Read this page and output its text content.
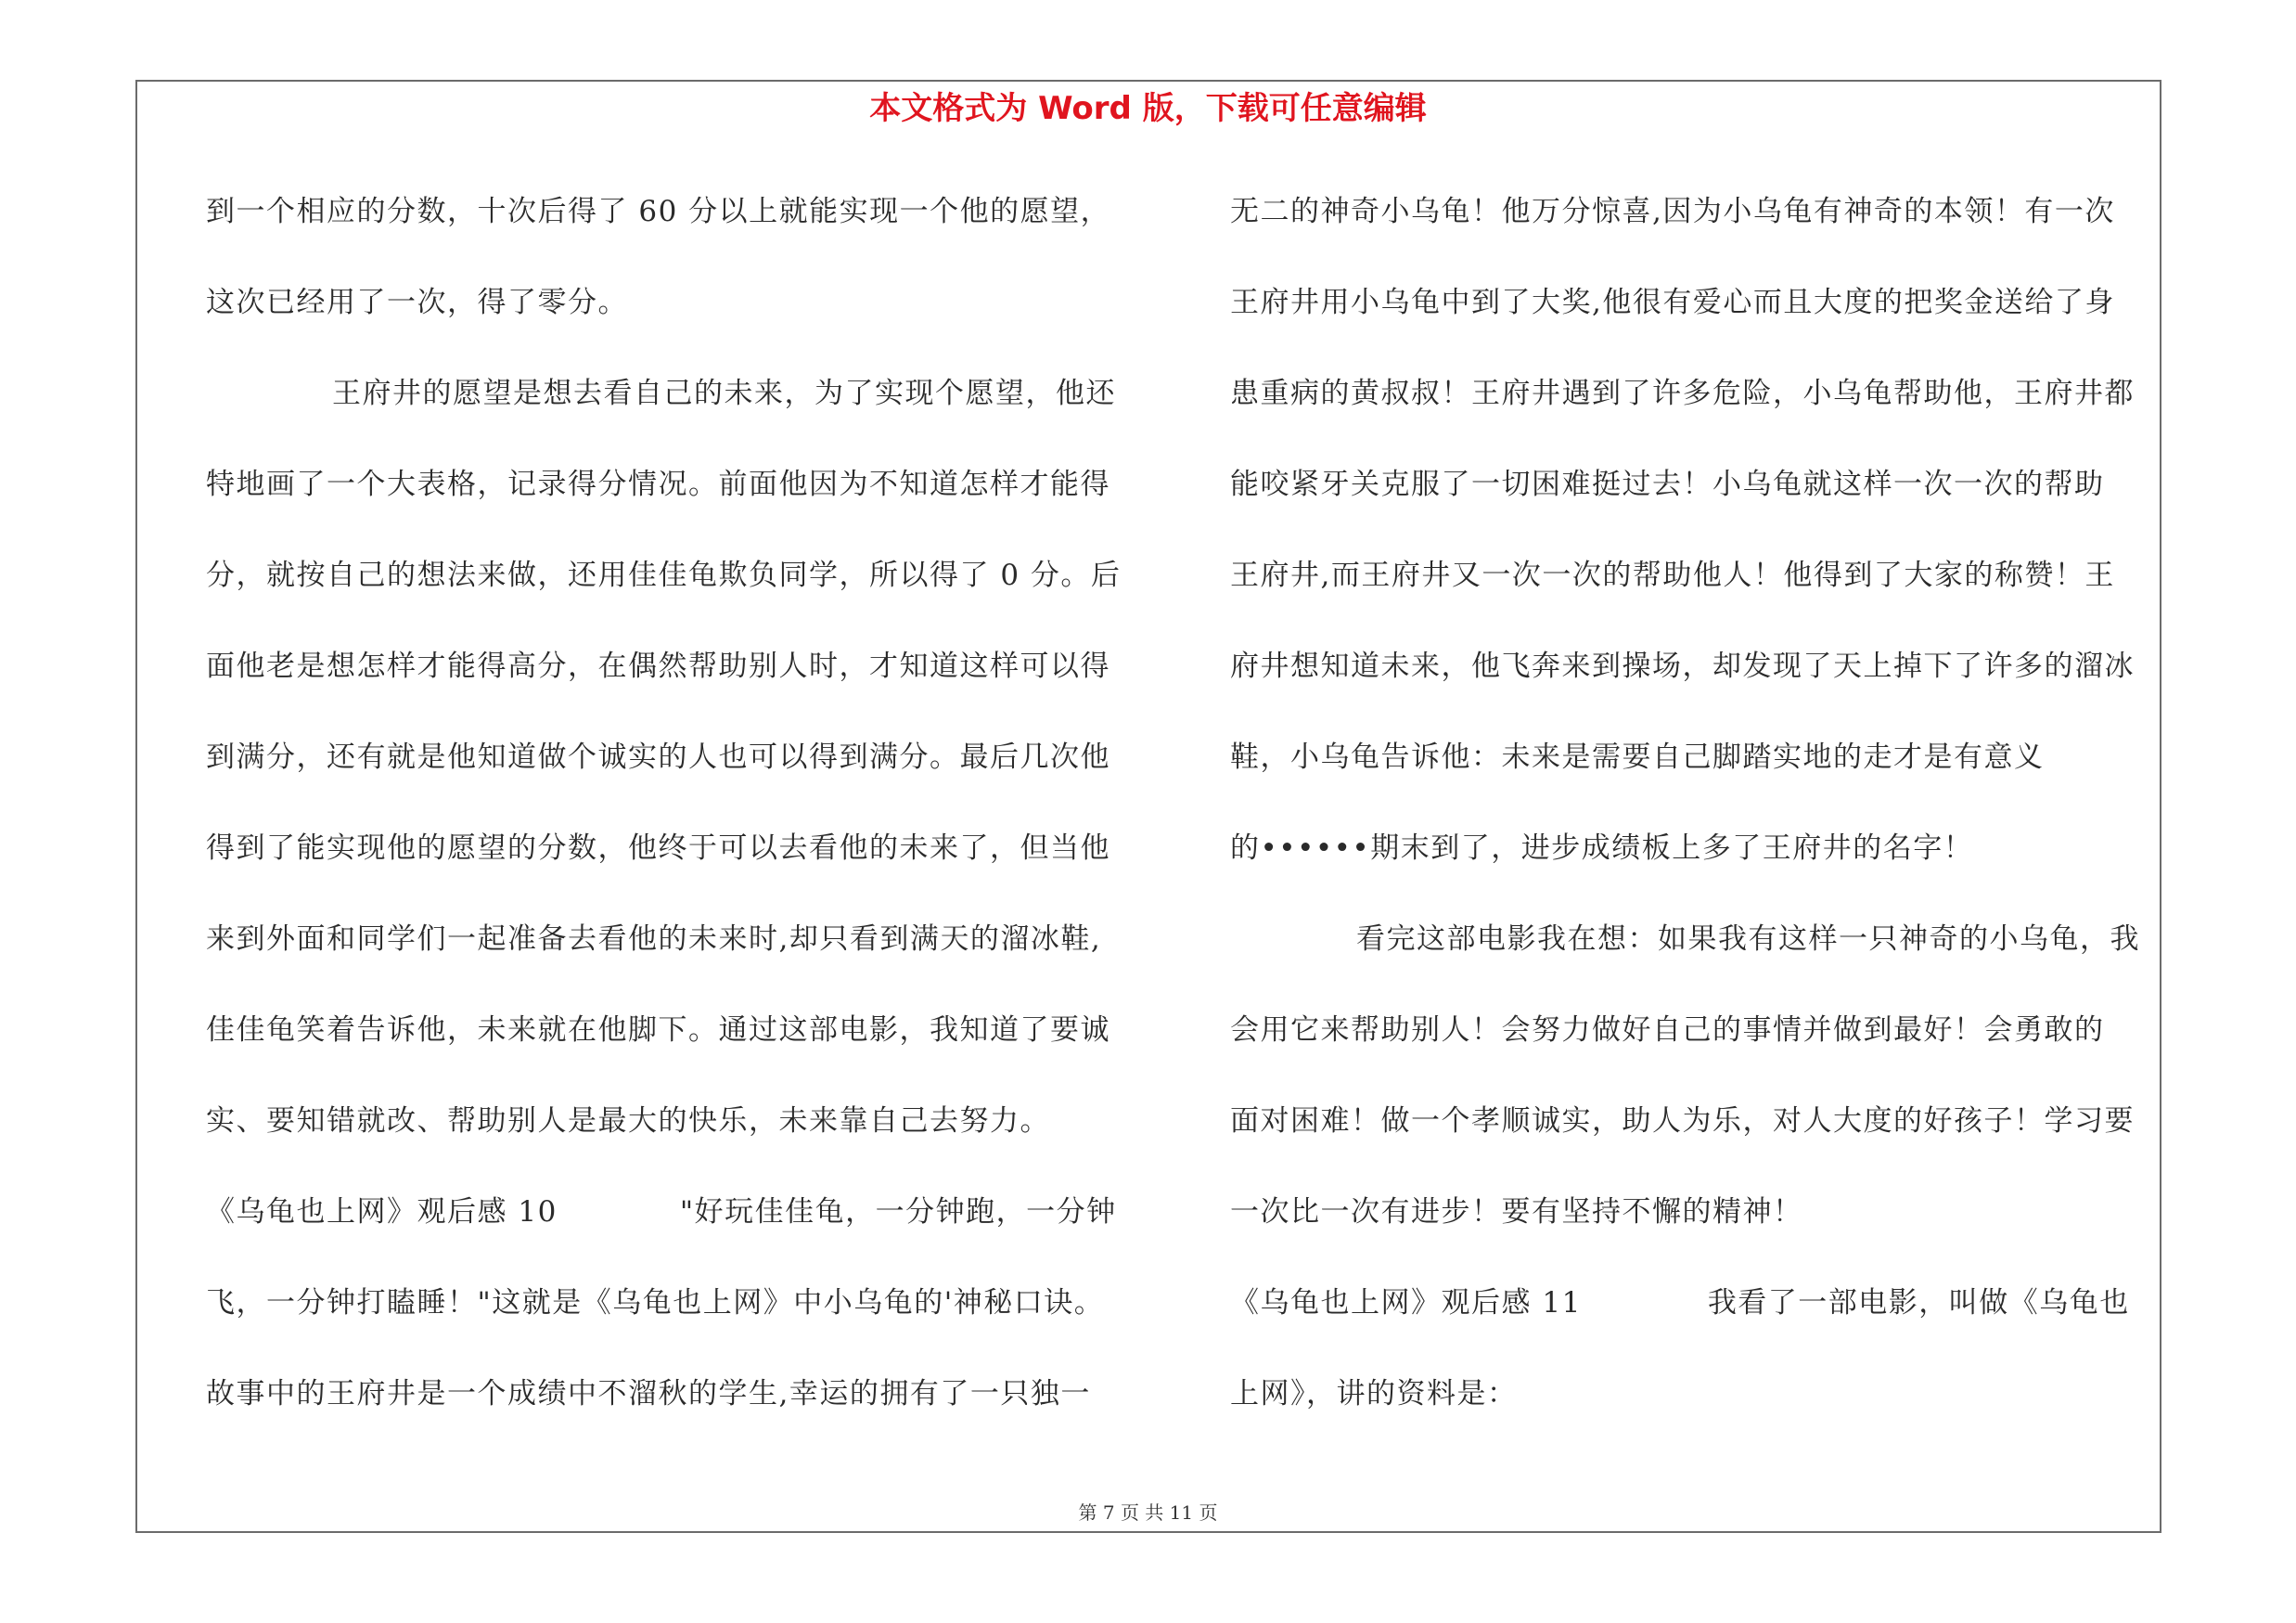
本文格式为 Word 版，下载可任意编辑
到一个相应的分数，十次后得了 60 分以上就能实现一个他的愿望，
这次已经用了一次，得了零分。
王府井的愿望是想去看自己的未来，为了实现个愿望，他还
特地画了一个大表格，记录得分情况。前面他因为不知道怎样才能得
分，就按自己的想法来做，还用佳佳龟欺负同学，所以得了 0 分。后
面他老是想怎样才能得高分，在偶然帮助别人时，才知道这样可以得
到满分，还有就是他知道做个诚实的人也可以得到满分。最后几次他
得到了能实现他的愿望的分数，他终于可以去看他的未来了，但当他
来到外面和同学们一起准备去看他的未来时,却只看到满天的溜冰鞋,
佳佳龟笑着告诉他，未来就在他脚下。通过这部电影，我知道了要诚
实、要知错就改、帮助别人是最大的快乐，未来靠自己去努力。
《乌龟也上网》观后感 10	"好玩佳佳龟，一分钟跑，一分钟
飞，一分钟打瞌睡！"这就是《乌龟也上网》中小乌龟的'神秘口诀。
故事中的王府井是一个成绩中不溜秋的学生,幸运的拥有了一只独一
无二的神奇小乌龟！他万分惊喜,因为小乌龟有神奇的本领！有一次
王府井用小乌龟中到了大奖,他很有爱心而且大度的把奖金送给了身
患重病的黄叔叔！王府井遇到了许多危险，小乌龟帮助他，王府井都
能咬紧牙关克服了一切困难挺过去！小乌龟就这样一次一次的帮助
王府井,而王府井又一次一次的帮助他人！他得到了大家的称赞！王
府井想知道未来，他飞奔来到操场，却发现了天上掉下了许多的溜冰
鞋，小乌龟告诉他：未来是需要自己脚踏实地的走才是有意义
的••••••期末到了，进步成绩板上多了王府井的名字！
看完这部电影我在想：如果我有这样一只神奇的小乌龟，我
会用它来帮助别人！会努力做好自己的事情并做到最好！会勇敢的
面对困难！做一个孝顺诚实，助人为乐，对人大度的好孩子！学习要
一次比一次有进步！要有坚持不懈的精神！
《乌龟也上网》观后感 11	我看了一部电影，叫做《乌龟也
上网》，讲的资料是：
第 7 页 共 11 页
